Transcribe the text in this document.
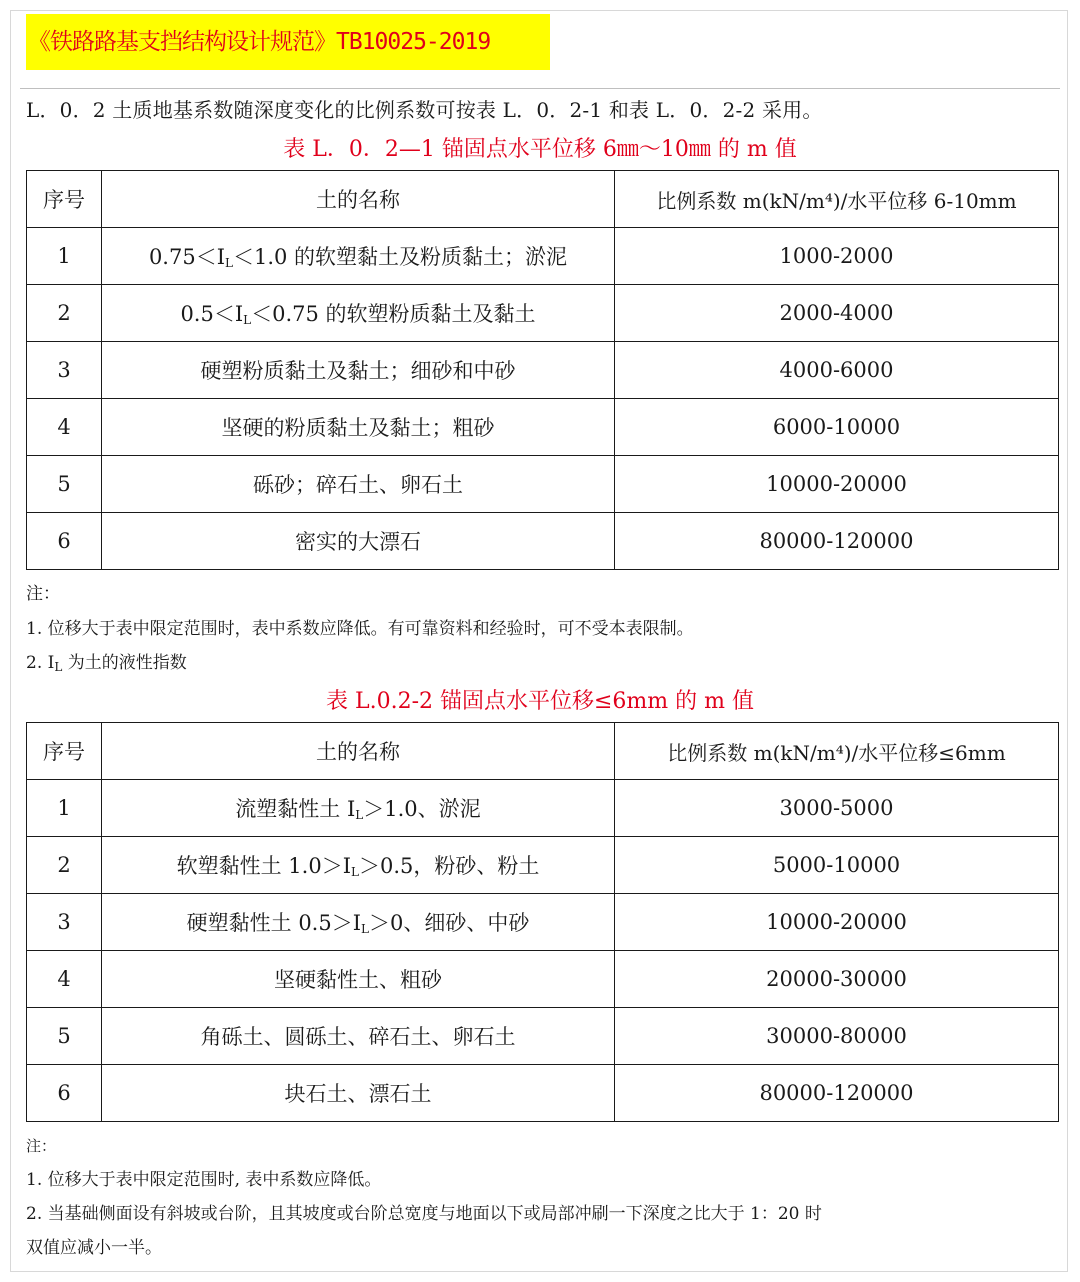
《铁路路基支挡结构设计规范》TB10025-2019
L．0．2 土质地基系数随深度变化的比例系数可按表 L．0．2-1 和表 L．0．2-2 采用。
表 L．0．2—1 锚固点水平位移 6㎜～10㎜ 的 m 值
序号	土的名称	比例系数 m(kN/m⁴)/水平位移 6-10mm
1	$0.75<I_L<1.0$ 的软塑黏土及粉质黏土；淤泥	1000-2000
2	$0.5<I_L<0.75$ 的软塑粉质黏土及黏土	2000-4000
3	硬塑粉质黏土及黏土；细砂和中砂	4000-6000
4	坚硬的粉质黏土及黏土；粗砂	6000-10000
5	砾砂；碎石土、卵石土	10000-20000
6	密实的大漂石	80000-120000
注：
1. 位移大于表中限定范围时，表中系数应降低。有可靠资料和经验时，可不受本表限制。
2. $I_L$ 为土的液性指数
表 L.0.2-2 锚固点水平位移≤6mm 的 m 值
序号	土的名称	比例系数 m(kN/m⁴)/水平位移≤6mm
1	流塑黏性土 $I_L>1.0$、淤泥	3000-5000
2	软塑黏性土 $1.0>I_L>0.5$，粉砂、粉土	5000-10000
3	硬塑黏性土 $0.5>I_L>0$、细砂、中砂	10000-20000
4	坚硬黏性土、粗砂	20000-30000
5	角砾土、圆砾土、碎石土、卵石土	30000-80000
6	块石土、漂石土	80000-120000
注：
1. 位移大于表中限定范围时, 表中系数应降低。
2. 当基础侧面设有斜坡或台阶，且其坡度或台阶总宽度与地面以下或局部冲刷一下深度之比大于 1：20 时
双值应减小一半。
